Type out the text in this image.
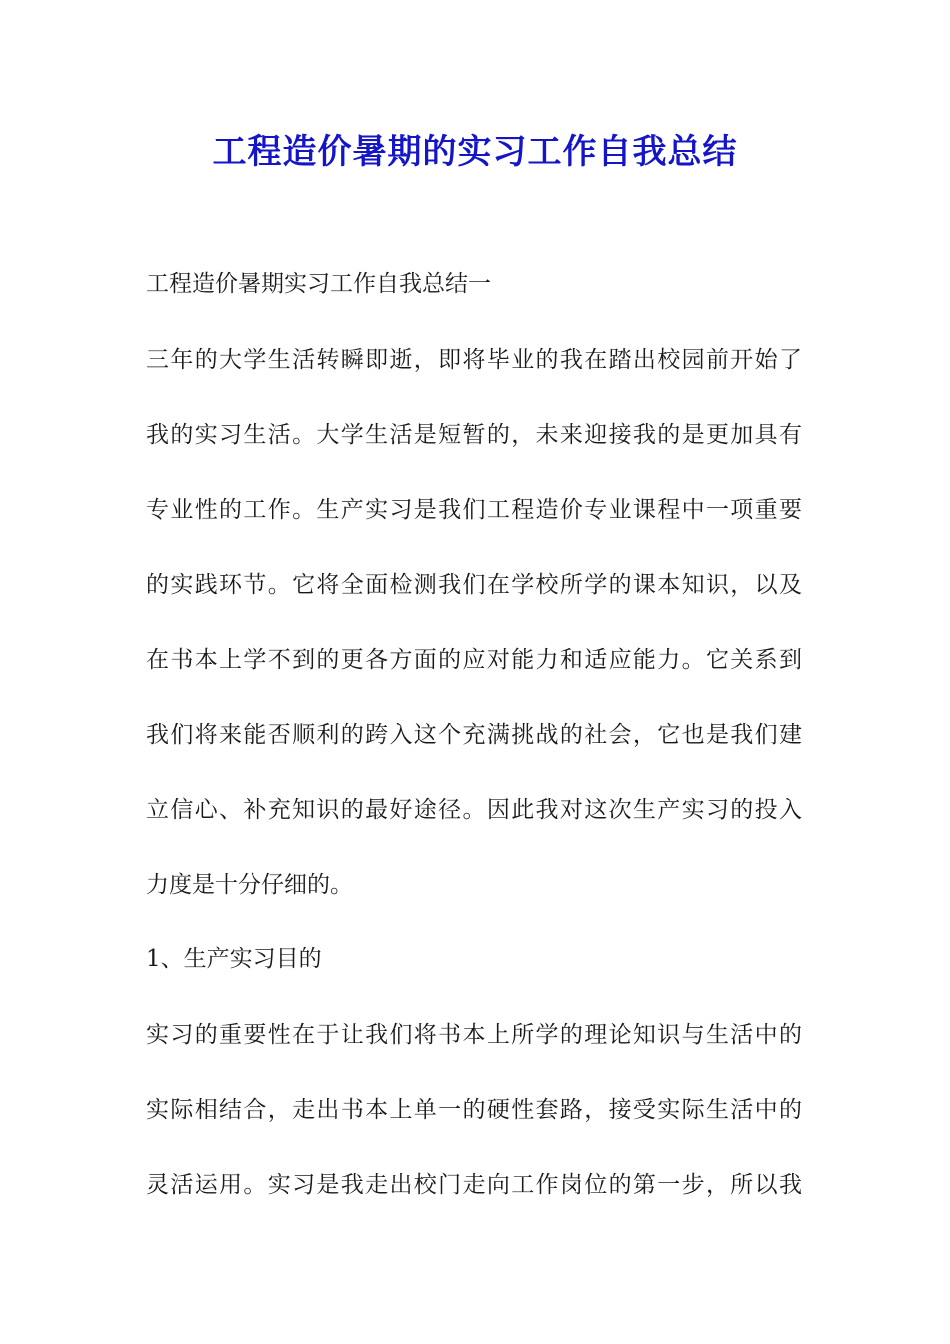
工程造价暑期的实习工作自我总结

工程造价暑期实习工作自我总结一

三年的大学生活转瞬即逝，即将毕业的我在踏出校园前开始了

我的实习生活。大学生活是短暂的，未来迎接我的是更加具有

专业性的工作。生产实习是我们工程造价专业课程中一项重要

的实践环节。它将全面检测我们在学校所学的课本知识，以及

在书本上学不到的更各方面的应对能力和适应能力。它关系到

我们将来能否顺利的跨入这个充满挑战的社会，它也是我们建

立信心、补充知识的最好途径。因此我对这次生产实习的投入

力度是十分仔细的。

1、生产实习目的

实习的重要性在于让我们将书本上所学的理论知识与生活中的

实际相结合，走出书本上单一的硬性套路，接受实际生活中的

灵活运用。实习是我走出校门走向工作岗位的第一步，所以我
